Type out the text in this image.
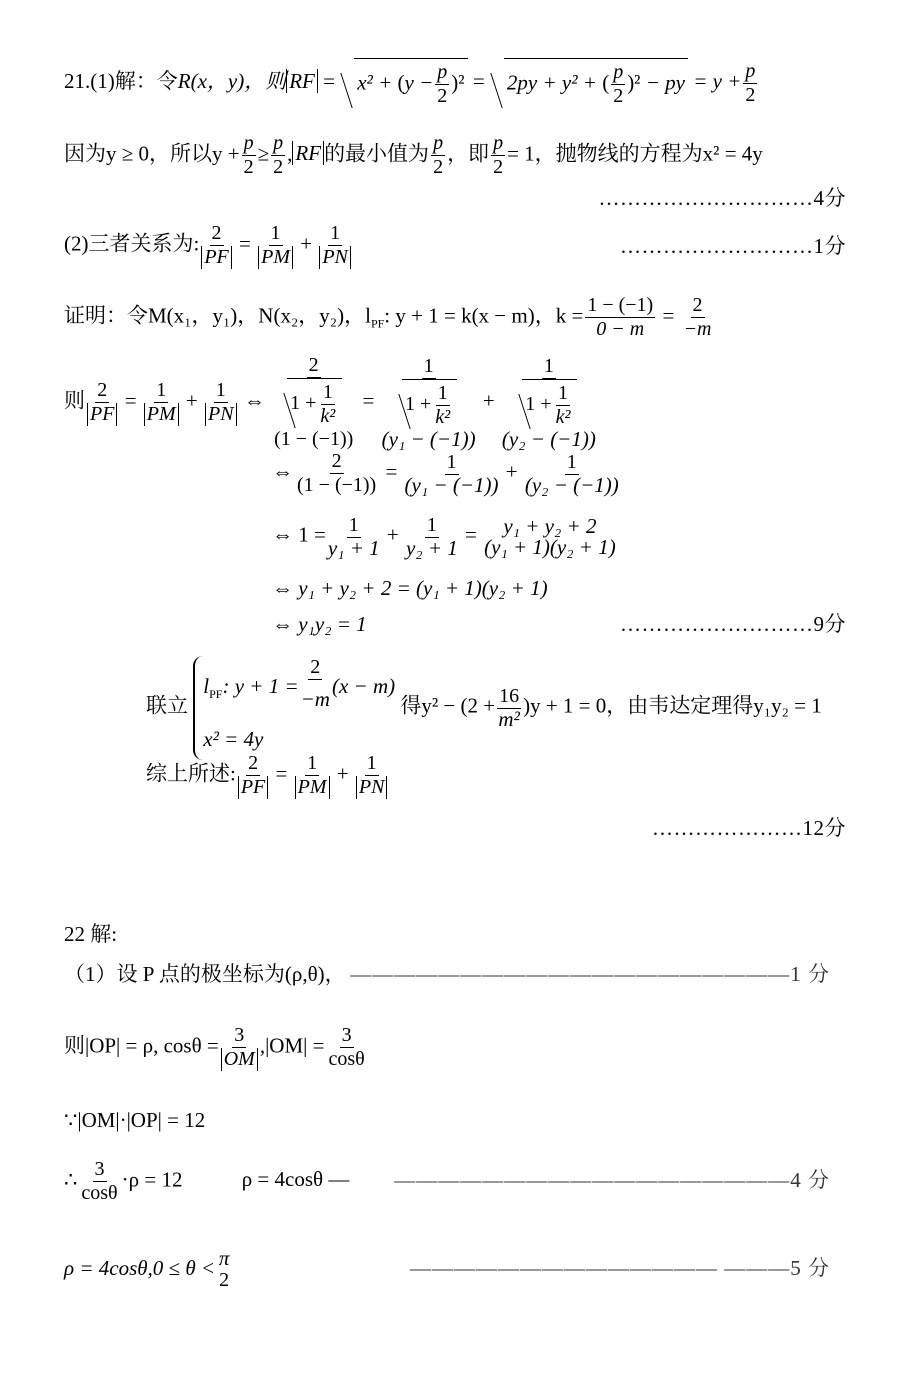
21.(1)解：令R(x，y)，则 RF = $x^2 + (y - \frac{p}{2} )^2 = 2py + y^2$ + ( $\frac{p}{2} )^2$ − py = $y + \frac{p}{2}$
因为y ≥ 0，所以$y + \frac{p}{2} \ge \frac{p}{2}$ , RF 的最小值为 $\frac{p}{2}$ ，即 $\frac{p}{2} = 1$，抛物线的方程为x² = 4y
…………………………4分
(2)三者关系为: $\frac{2}{PF} = \frac{1}{PM} + \frac{1}{PN}$	………………………1分
证明：令M(x₁，y₁)，N(x₂，y₂)，$l_{PF}$: y + 1 = k(x − m)，$k = \frac{1 - (-1)}{0 - m} = \frac{2}{-m}$
则 $\frac{2}{PF} = \frac{1}{PM} + \frac{1}{PN}$ ⇔
2
$1 + \frac{1}{\text{k²}}$
(1 − (−1))
=
1
$1 + \frac{1}{\text{k²}}$
(y₁ − (−1))
+
1
$1 + \frac{1}{\text{k²}}$
(y₂ − (−1))
⇔ $\frac{2}{(1 - (-1))} = \frac{1}{\text{(y₁ − (−1))}} + \frac{1}{\text{(y₂ − (−1))}}$
⇔ $1 = \frac{1}{\text{y₁ + 1}} + \frac{1}{\text{y₂ + 1}} = y_1 + y_2 + 2$
(y₁ + 1)(y₂ + 1)
⇔ y₁ + y₂ + 2 = (y₁ + 1)(y₂ + 1)
⇔ y₁y₂ = 1	………………………9分
联立
$l_{PF}$: $y + 1 = \frac{2}{-m} (x - m)$
x² = 4y
得$y^2 - (2 + \frac{16}{\text{m²}} )y + 1 = 0$，由韦达定理得y₁y₂ = 1
综上所述: $\frac{2}{PF} = \frac{1}{PM} + \frac{1}{PN}$
…………………12分
22 解:
（1）设 P 点的极坐标为(ρ,θ)， ————————————————————1 分
则|OP| = ρ, $\cos\theta = \frac{3}{OM} ,|OM| = \frac{3}{\cos\theta}$
∵|OM|·|OP| = 12
∴ $\frac{3}{\cos\theta} \cdot\rho = 12$	ρ = 4cosθ — ——————————————————4 分
ρ = 4cosθ,0 ≤ θ < π
2	—————————————— ———5 分
